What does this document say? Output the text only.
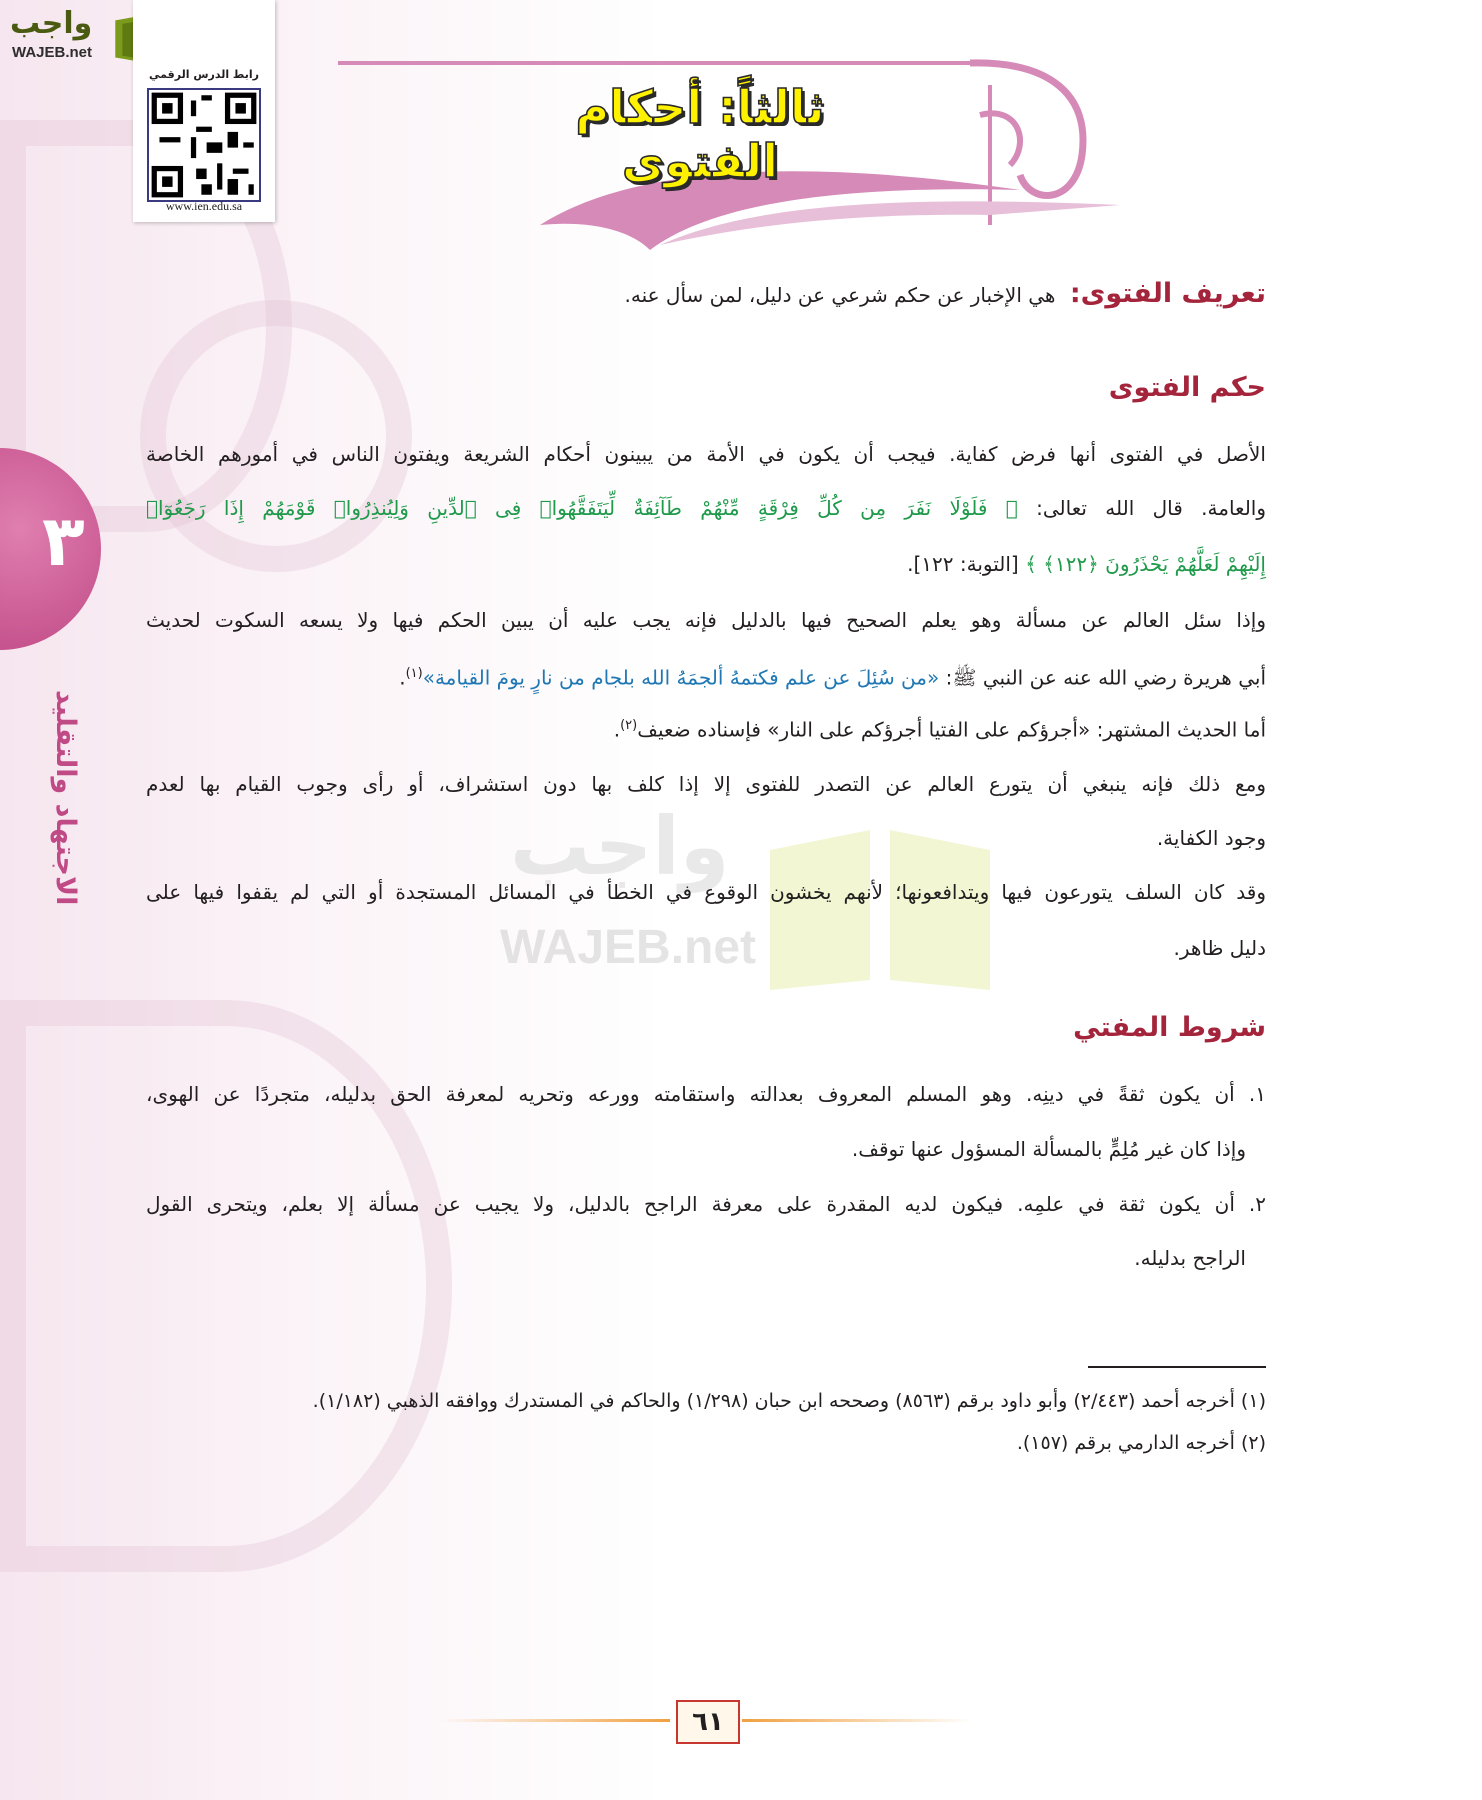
واجب
WAJEB.net
رابط الدرس الرقمي
www.ien.edu.sa
ثالثاً: أحكام الفتوى
واجب
WAJEB.net
تعريف الفتوى: هي الإخبار عن حكم شرعي عن دليل، لمن سأل عنه.
حكم الفتوى
الأصل في الفتوى أنها فرض كفاية. فيجب أن يكون في الأمة من يبينون أحكام الشريعة ويفتون الناس في أمورهم الخاصة
والعامة. قال الله تعالى: ﴿ فَلَوْلَا نَفَرَ مِن كُلِّ فِرْقَةٍ مِّنْهُمْ طَآئِفَةٌ لِّيَتَفَقَّهُوا۟ فِى ٱلدِّينِ وَلِيُنذِرُوا۟ قَوْمَهُمْ إِذَا رَجَعُوٓا۟
إِلَيْهِمْ لَعَلَّهُمْ يَحْذَرُونَ ﴿١٢٢﴾ ﴾ [التوبة: ١٢٢].
وإذا سئل العالم عن مسألة وهو يعلم الصحيح فيها بالدليل فإنه يجب عليه أن يبين الحكم فيها ولا يسعه السكوت لحديث
أبي هريرة رضي الله عنه عن النبي ﷺ: «من سُئِلَ عن علم فكتمهُ ألجمَهُ الله بلجام من نارٍ يومَ القيامة»$^{(١)}$.
أما الحديث المشتهر: «أجرؤكم على الفتيا أجرؤكم على النار» فإسناده ضعيف$^{(٢)}$.
ومع ذلك فإنه ينبغي أن يتورع العالم عن التصدر للفتوى إلا إذا كلف بها دون استشراف، أو رأى وجوب القيام بها لعدم
وجود الكفاية.
وقد كان السلف يتورعون فيها ويتدافعونها؛ لأنهم يخشون الوقوع في الخطأ في المسائل المستجدة أو التي لم يقفوا فيها على
دليل ظاهر.
شروط المفتي
١. أن يكون ثقةً في دينِه. وهو المسلم المعروف بعدالته واستقامته وورعه وتحريه لمعرفة الحق بدليله، متجردًا عن الهوى،
وإذا كان غير مُلِمٍّ بالمسألة المسؤول عنها توقف.
٢. أن يكون ثقة في علمِه. فيكون لديه المقدرة على معرفة الراجح بالدليل، ولا يجيب عن مسألة إلا بعلم، ويتحرى القول
الراجح بدليله.
(١) أخرجه أحمد (٢/٤٤٣) وأبو داود برقم (٨٥٦٣) وصححه ابن حبان (١/٢٩٨) والحاكم في المستدرك ووافقه الذهبي (١/١٨٢).
(٢) أخرجه الدارمي برقم (١٥٧).
٣
الاجتهاد والتقليد
٦١
